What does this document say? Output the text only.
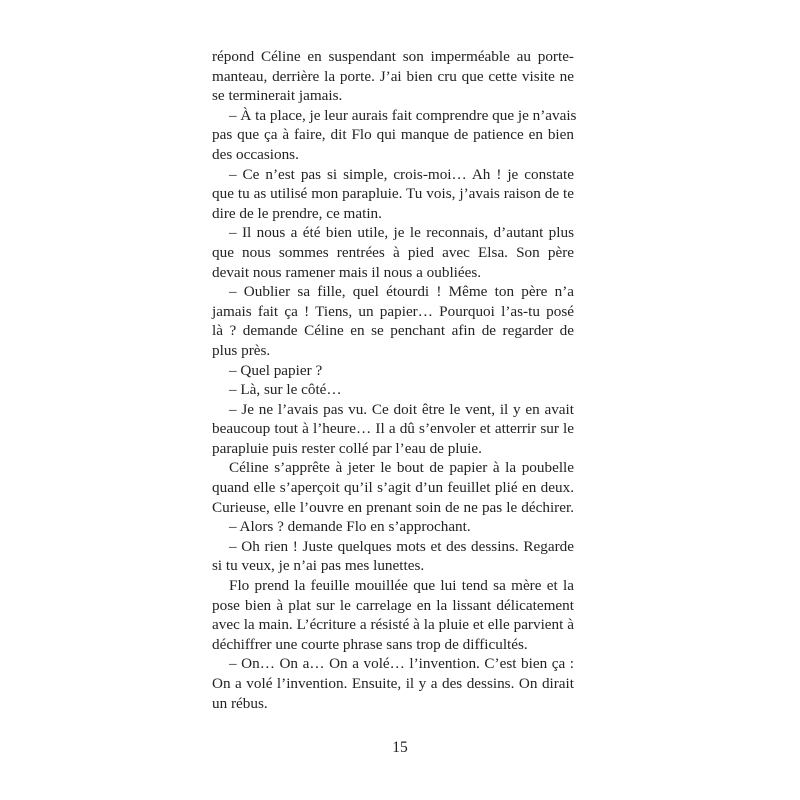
répond Céline en suspendant son imperméable au porte-
manteau, derrière la porte. J’ai bien cru que cette visite ne
se terminerait jamais.
– À ta place, je leur aurais fait comprendre que je n’avais
pas que ça à faire, dit Flo qui manque de patience en bien
des occasions.
– Ce n’est pas si simple, crois-moi… Ah ! je constate
que tu as utilisé mon parapluie. Tu vois, j’avais raison de te
dire de le prendre, ce matin.
– Il nous a été bien utile, je le reconnais, d’autant plus
que nous sommes rentrées à pied avec Elsa. Son père
devait nous ramener mais il nous a oubliées.
– Oublier sa fille, quel étourdi ! Même ton père n’a
jamais fait ça ! Tiens, un papier… Pourquoi l’as-tu posé
là ? demande Céline en se penchant afin de regarder de
plus près.
– Quel papier ?
– Là, sur le côté…
– Je ne l’avais pas vu. Ce doit être le vent, il y en avait
beaucoup tout à l’heure… Il a dû s’envoler et atterrir sur le
parapluie puis rester collé par l’eau de pluie.
Céline s’apprête à jeter le bout de papier à la poubelle
quand elle s’aperçoit qu’il s’agit d’un feuillet plié en deux.
Curieuse, elle l’ouvre en prenant soin de ne pas le déchirer.
– Alors ? demande Flo en s’approchant.
– Oh rien ! Juste quelques mots et des dessins. Regarde
si tu veux, je n’ai pas mes lunettes.
Flo prend la feuille mouillée que lui tend sa mère et la
pose bien à plat sur le carrelage en la lissant délicatement
avec la main. L’écriture a résisté à la pluie et elle parvient à
déchiffrer une courte phrase sans trop de difficultés.
– On… On a… On a volé… l’invention. C’est bien ça :
On a volé l’invention. Ensuite, il y a des dessins. On dirait
un rébus.
15
